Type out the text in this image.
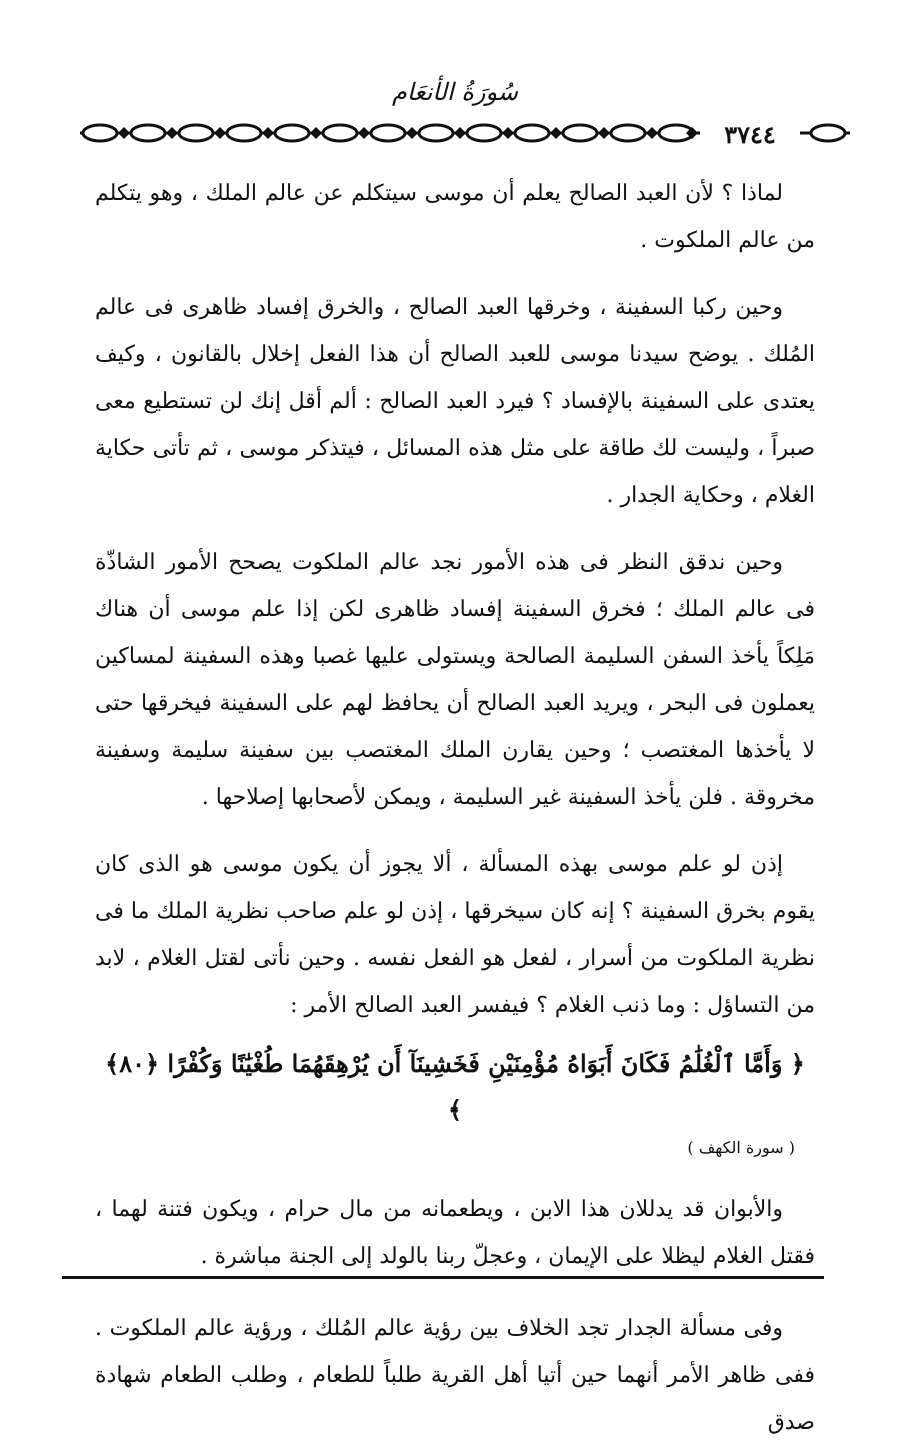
سُورَةُ الأنعَام
٣٧٤٤

لماذا ؟ لأن العبد الصالح يعلم أن موسى سيتكلم عن عالم الملك ، وهو يتكلم من عالم الملكوت .

وحين ركبا السفينة ، وخرقها العبد الصالح ، والخرق إفساد ظاهرى فى عالم المُلك . يوضح سيدنا موسى للعبد الصالح أن هذا الفعل إخلال بالقانون ، وكيف يعتدى على السفينة بالإفساد ؟ فيرد العبد الصالح : ألم أقل إنك لن تستطيع معى صبراً ، وليست لك طاقة على مثل هذه المسائل ، فيتذكر موسى ، ثم تأتى حكاية الغلام ، وحكاية الجدار .

وحين ندقق النظر فى هذه الأمور نجد عالم الملكوت يصحح الأمور الشاذّة فى عالم الملك ؛ فخرق السفينة إفساد ظاهرى لكن إذا علم موسى أن هناك مَلِكاً يأخذ السفن السليمة الصالحة ويستولى عليها غصبا وهذه السفينة لمساكين يعملون فى البحر ، ويريد العبد الصالح أن يحافظ لهم على السفينة فيخرقها حتى لا يأخذها المغتصب ؛ وحين يقارن الملك المغتصب بين سفينة سليمة وسفينة مخروقة . فلن يأخذ السفينة غير السليمة ، ويمكن لأصحابها إصلاحها .

إذن لو علم موسى بهذه المسألة ، ألا يجوز أن يكون موسى هو الذى كان يقوم بخرق السفينة ؟ إنه كان سيخرقها ، إذن لو علم صاحب نظرية الملك ما فى نظرية الملكوت من أسرار ، لفعل هو الفعل نفسه . وحين نأتى لقتل الغلام ، لابد من التساؤل : وما ذنب الغلام ؟ فيفسر العبد الصالح الأمر :

﴿ وَأَمَّا ٱلْغُلَٰمُ فَكَانَ أَبَوَاهُ مُؤْمِنَيْنِ فَخَشِينَآ أَن يُرْهِقَهُمَا طُغْيَٰنًا وَكُفْرًا ﴿٨٠﴾ ﴾

( سورة الكهف )

والأبوان قد يدللان هذا الابن ، ويطعمانه من مال حرام ، ويكون فتنة لهما ، فقتل الغلام ليظلا على الإيمان ، وعجلّ ربنا بالولد إلى الجنة مباشرة .

وفى مسألة الجدار تجد الخلاف بين رؤية عالم المُلك ، ورؤية عالم الملكوت . ففى ظاهر الأمر أنهما حين أتيا أهل القرية طلباً للطعام ، وطلب الطعام شهادة صدق
